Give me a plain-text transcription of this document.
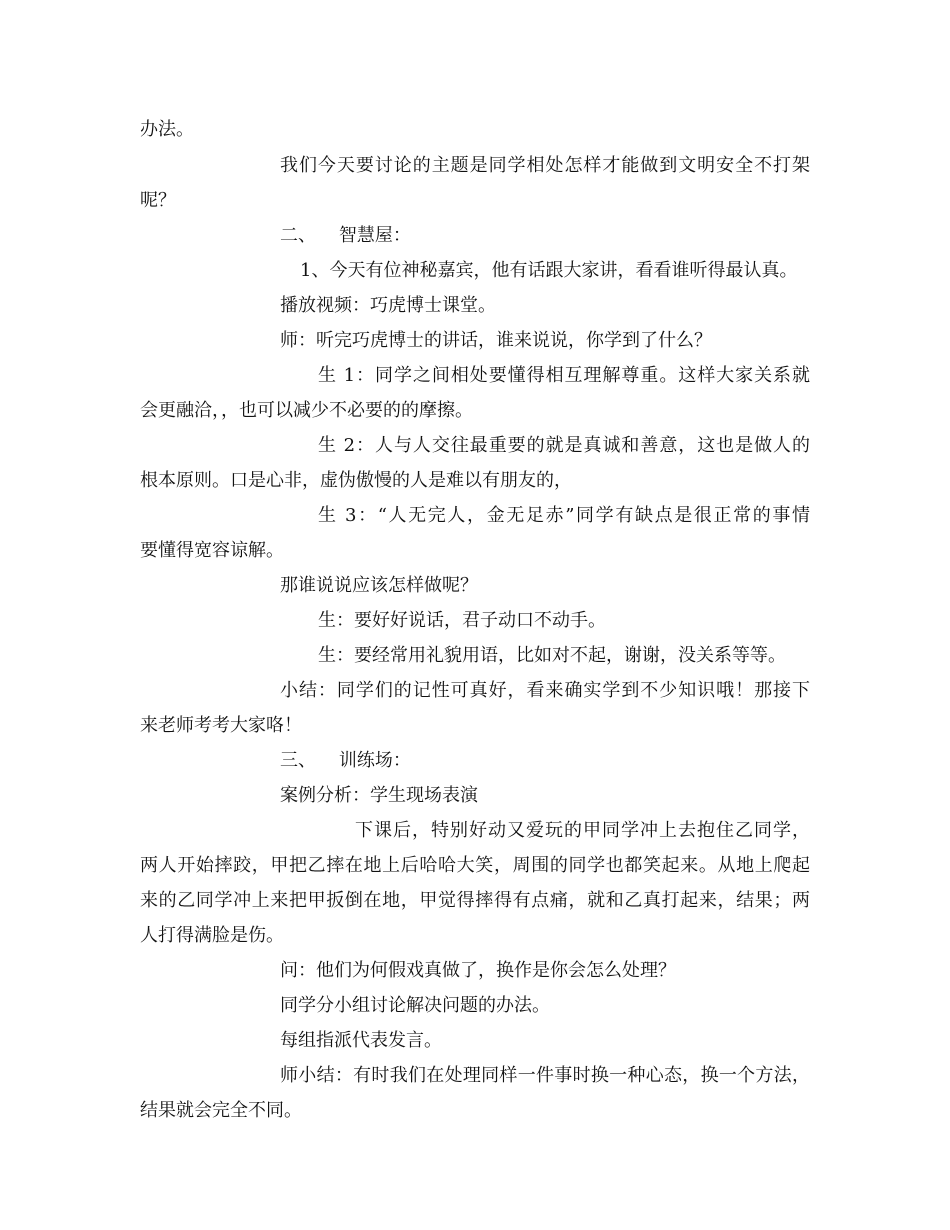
办法。
我们今天要讨论的主题是同学相处怎样才能做到文明安全不打架
呢？
二、    智慧屋：
1、今天有位神秘嘉宾，他有话跟大家讲，看看谁听得最认真。
播放视频：巧虎博士课堂。
师：听完巧虎博士的讲话，谁来说说，你学到了什么？
生 1：同学之间相处要懂得相互理解尊重。这样大家关系就
会更融洽，，也可以减少不必要的的摩擦。
生 2：人与人交往最重要的就是真诚和善意，这也是做人的
根本原则。口是心非，虚伪傲慢的人是难以有朋友的，
生 3：“人无完人，金无足赤”同学有缺点是很正常的事情
要懂得宽容谅解。
那谁说说应该怎样做呢？
生：要好好说话，君子动口不动手。
生：要经常用礼貌用语，比如对不起，谢谢，没关系等等。
小结：同学们的记性可真好，看来确实学到不少知识哦！那接下
来老师考考大家咯！
三、    训练场：
案例分析：学生现场表演
下课后，特别好动又爱玩的甲同学冲上去抱住乙同学，
两人开始摔跤，甲把乙摔在地上后哈哈大笑，周围的同学也都笑起来。从地上爬起
来的乙同学冲上来把甲扳倒在地，甲觉得摔得有点痛，就和乙真打起来，结果；两
人打得满脸是伤。
问：他们为何假戏真做了，换作是你会怎么处理？
同学分小组讨论解决问题的办法。
每组指派代表发言。
师小结：有时我们在处理同样一件事时换一种心态，换一个方法，
结果就会完全不同。
